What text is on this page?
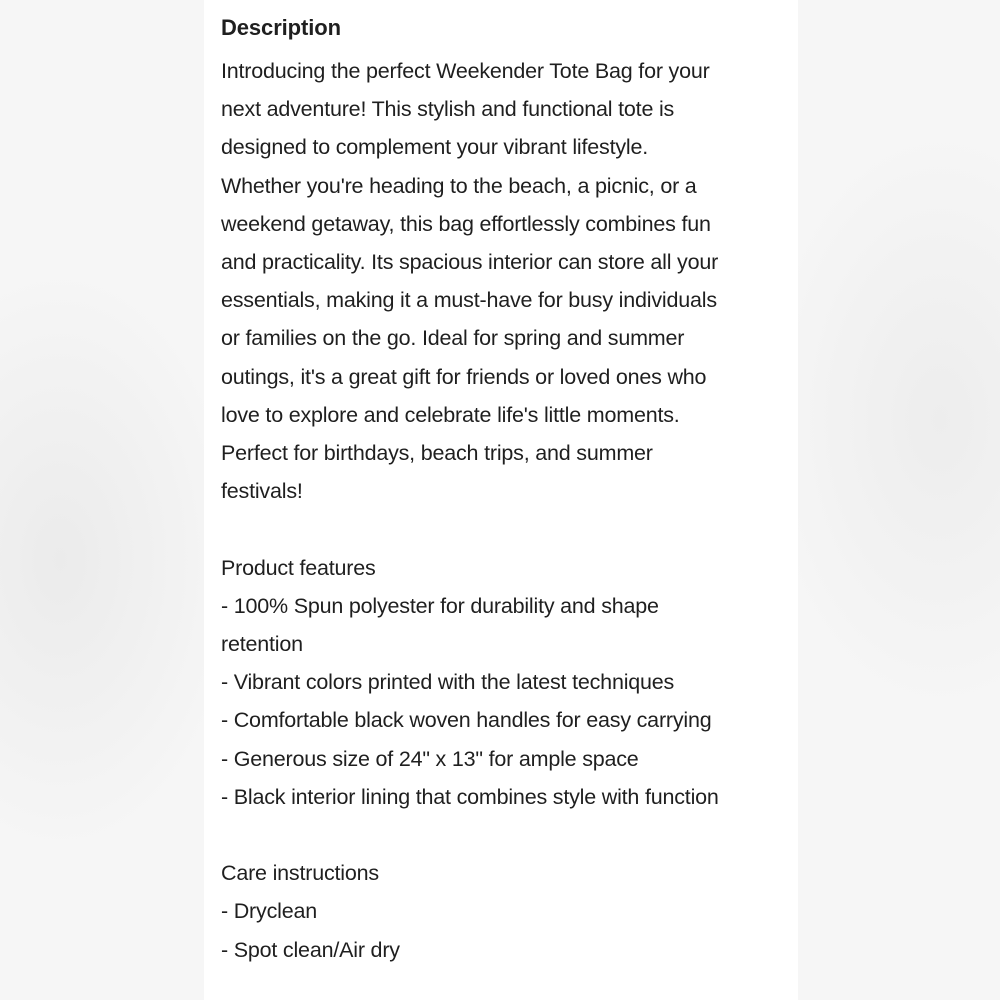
Description

Introducing the perfect Weekender Tote Bag for your

next adventure! This stylish and functional tote is

designed to complement your vibrant lifestyle.

Whether you're heading to the beach, a picnic, or a

weekend getaway, this bag effortlessly combines fun

and practicality. Its spacious interior can store all your

essentials, making it a must-have for busy individuals

or families on the go. Ideal for spring and summer

outings, it's a great gift for friends or loved ones who

love to explore and celebrate life's little moments.

Perfect for birthdays, beach trips, and summer

festivals!

Product features

- 100% Spun polyester for durability and shape

retention

- Vibrant colors printed with the latest techniques

- Comfortable black woven handles for easy carrying

- Generous size of 24" x 13" for ample space

- Black interior lining that combines style with function

Care instructions

- Dryclean

- Spot clean/Air dry
